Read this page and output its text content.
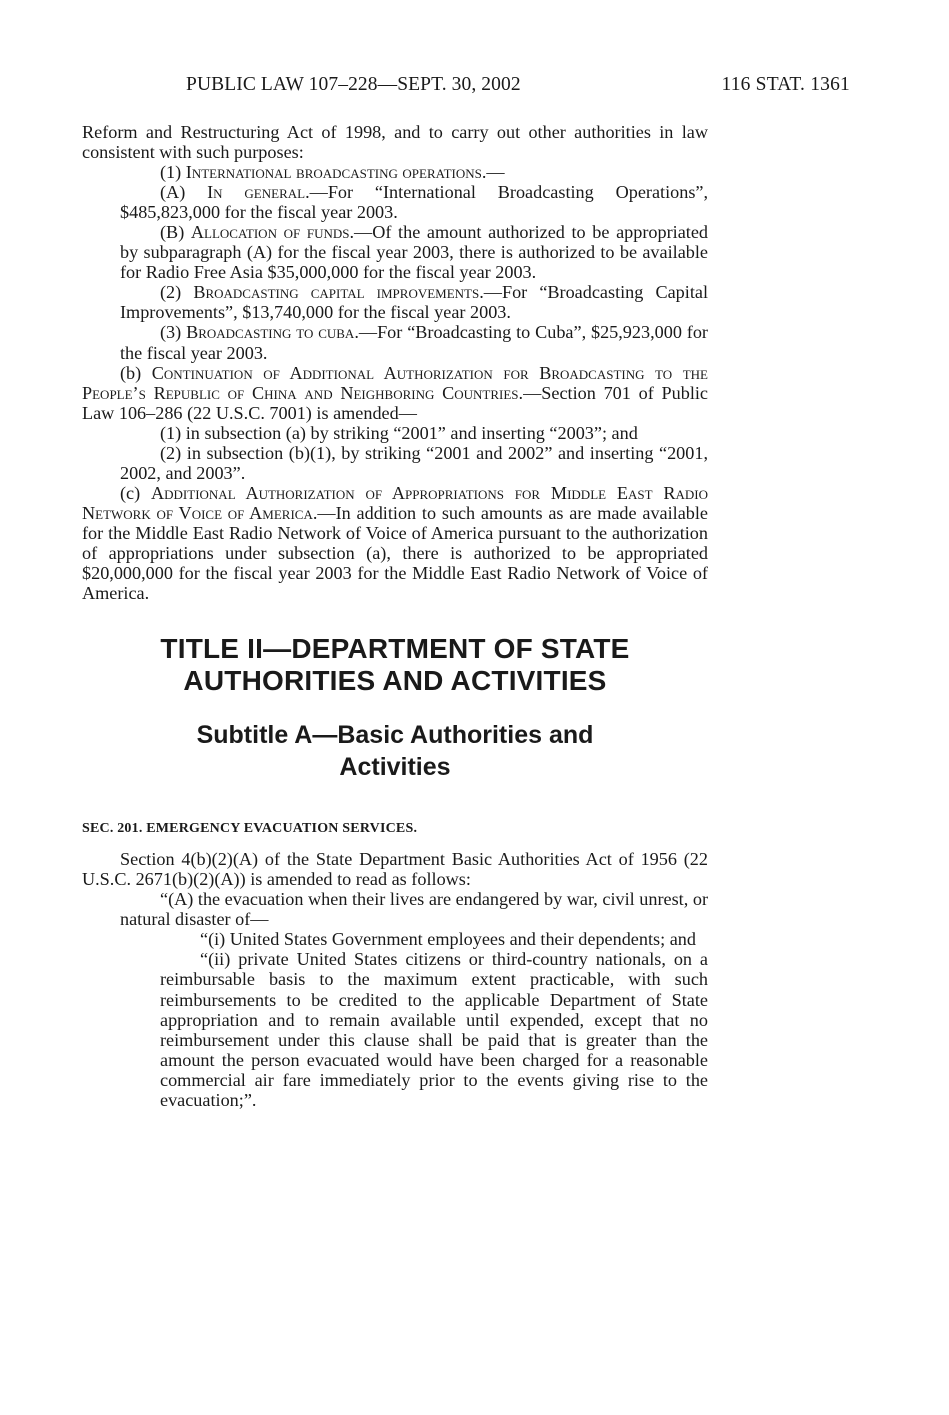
PUBLIC LAW 107–228—SEPT. 30, 2002	116 STAT. 1361

Reform and Restructuring Act of 1998, and to carry out other authorities in law consistent with such purposes:

(1) International broadcasting operations.—

(A) In general.—For “International Broadcasting Operations”, $485,823,000 for the fiscal year 2003.

(B) Allocation of funds.—Of the amount authorized to be appropriated by subparagraph (A) for the fiscal year 2003, there is authorized to be available for Radio Free Asia $35,000,000 for the fiscal year 2003.

(2) Broadcasting capital improvements.—For “Broadcasting Capital Improvements”, $13,740,000 for the fiscal year 2003.

(3) Broadcasting to cuba.—For “Broadcasting to Cuba”, $25,923,000 for the fiscal year 2003.

(b) Continuation of Additional Authorization for Broadcasting to the People’s Republic of China and Neighboring Countries.—Section 701 of Public Law 106–286 (22 U.S.C. 7001) is amended—

(1) in subsection (a) by striking “2001” and inserting “2003”; and

(2) in subsection (b)(1), by striking “2001 and 2002” and inserting “2001, 2002, and 2003”.

(c) Additional Authorization of Appropriations for Middle East Radio Network of Voice of America.—In addition to such amounts as are made available for the Middle East Radio Network of Voice of America pursuant to the authorization of appropriations under subsection (a), there is authorized to be appropriated $20,000,000 for the fiscal year 2003 for the Middle East Radio Network of Voice of America.

TITLE II—DEPARTMENT OF STATE
AUTHORITIES AND ACTIVITIES
Subtitle A—Basic Authorities and
Activities
SEC. 201. EMERGENCY EVACUATION SERVICES.

Section 4(b)(2)(A) of the State Department Basic Authorities Act of 1956 (22 U.S.C. 2671(b)(2)(A)) is amended to read as follows:

“(A) the evacuation when their lives are endangered by war, civil unrest, or natural disaster of—

“(i) United States Government employees and their dependents; and

“(ii) private United States citizens or third-country nationals, on a reimbursable basis to the maximum extent practicable, with such reimbursements to be credited to the applicable Department of State appropriation and to remain available until expended, except that no reimbursement under this clause shall be paid that is greater than the amount the person evacuated would have been charged for a reasonable commercial air fare immediately prior to the events giving rise to the evacuation;”.
